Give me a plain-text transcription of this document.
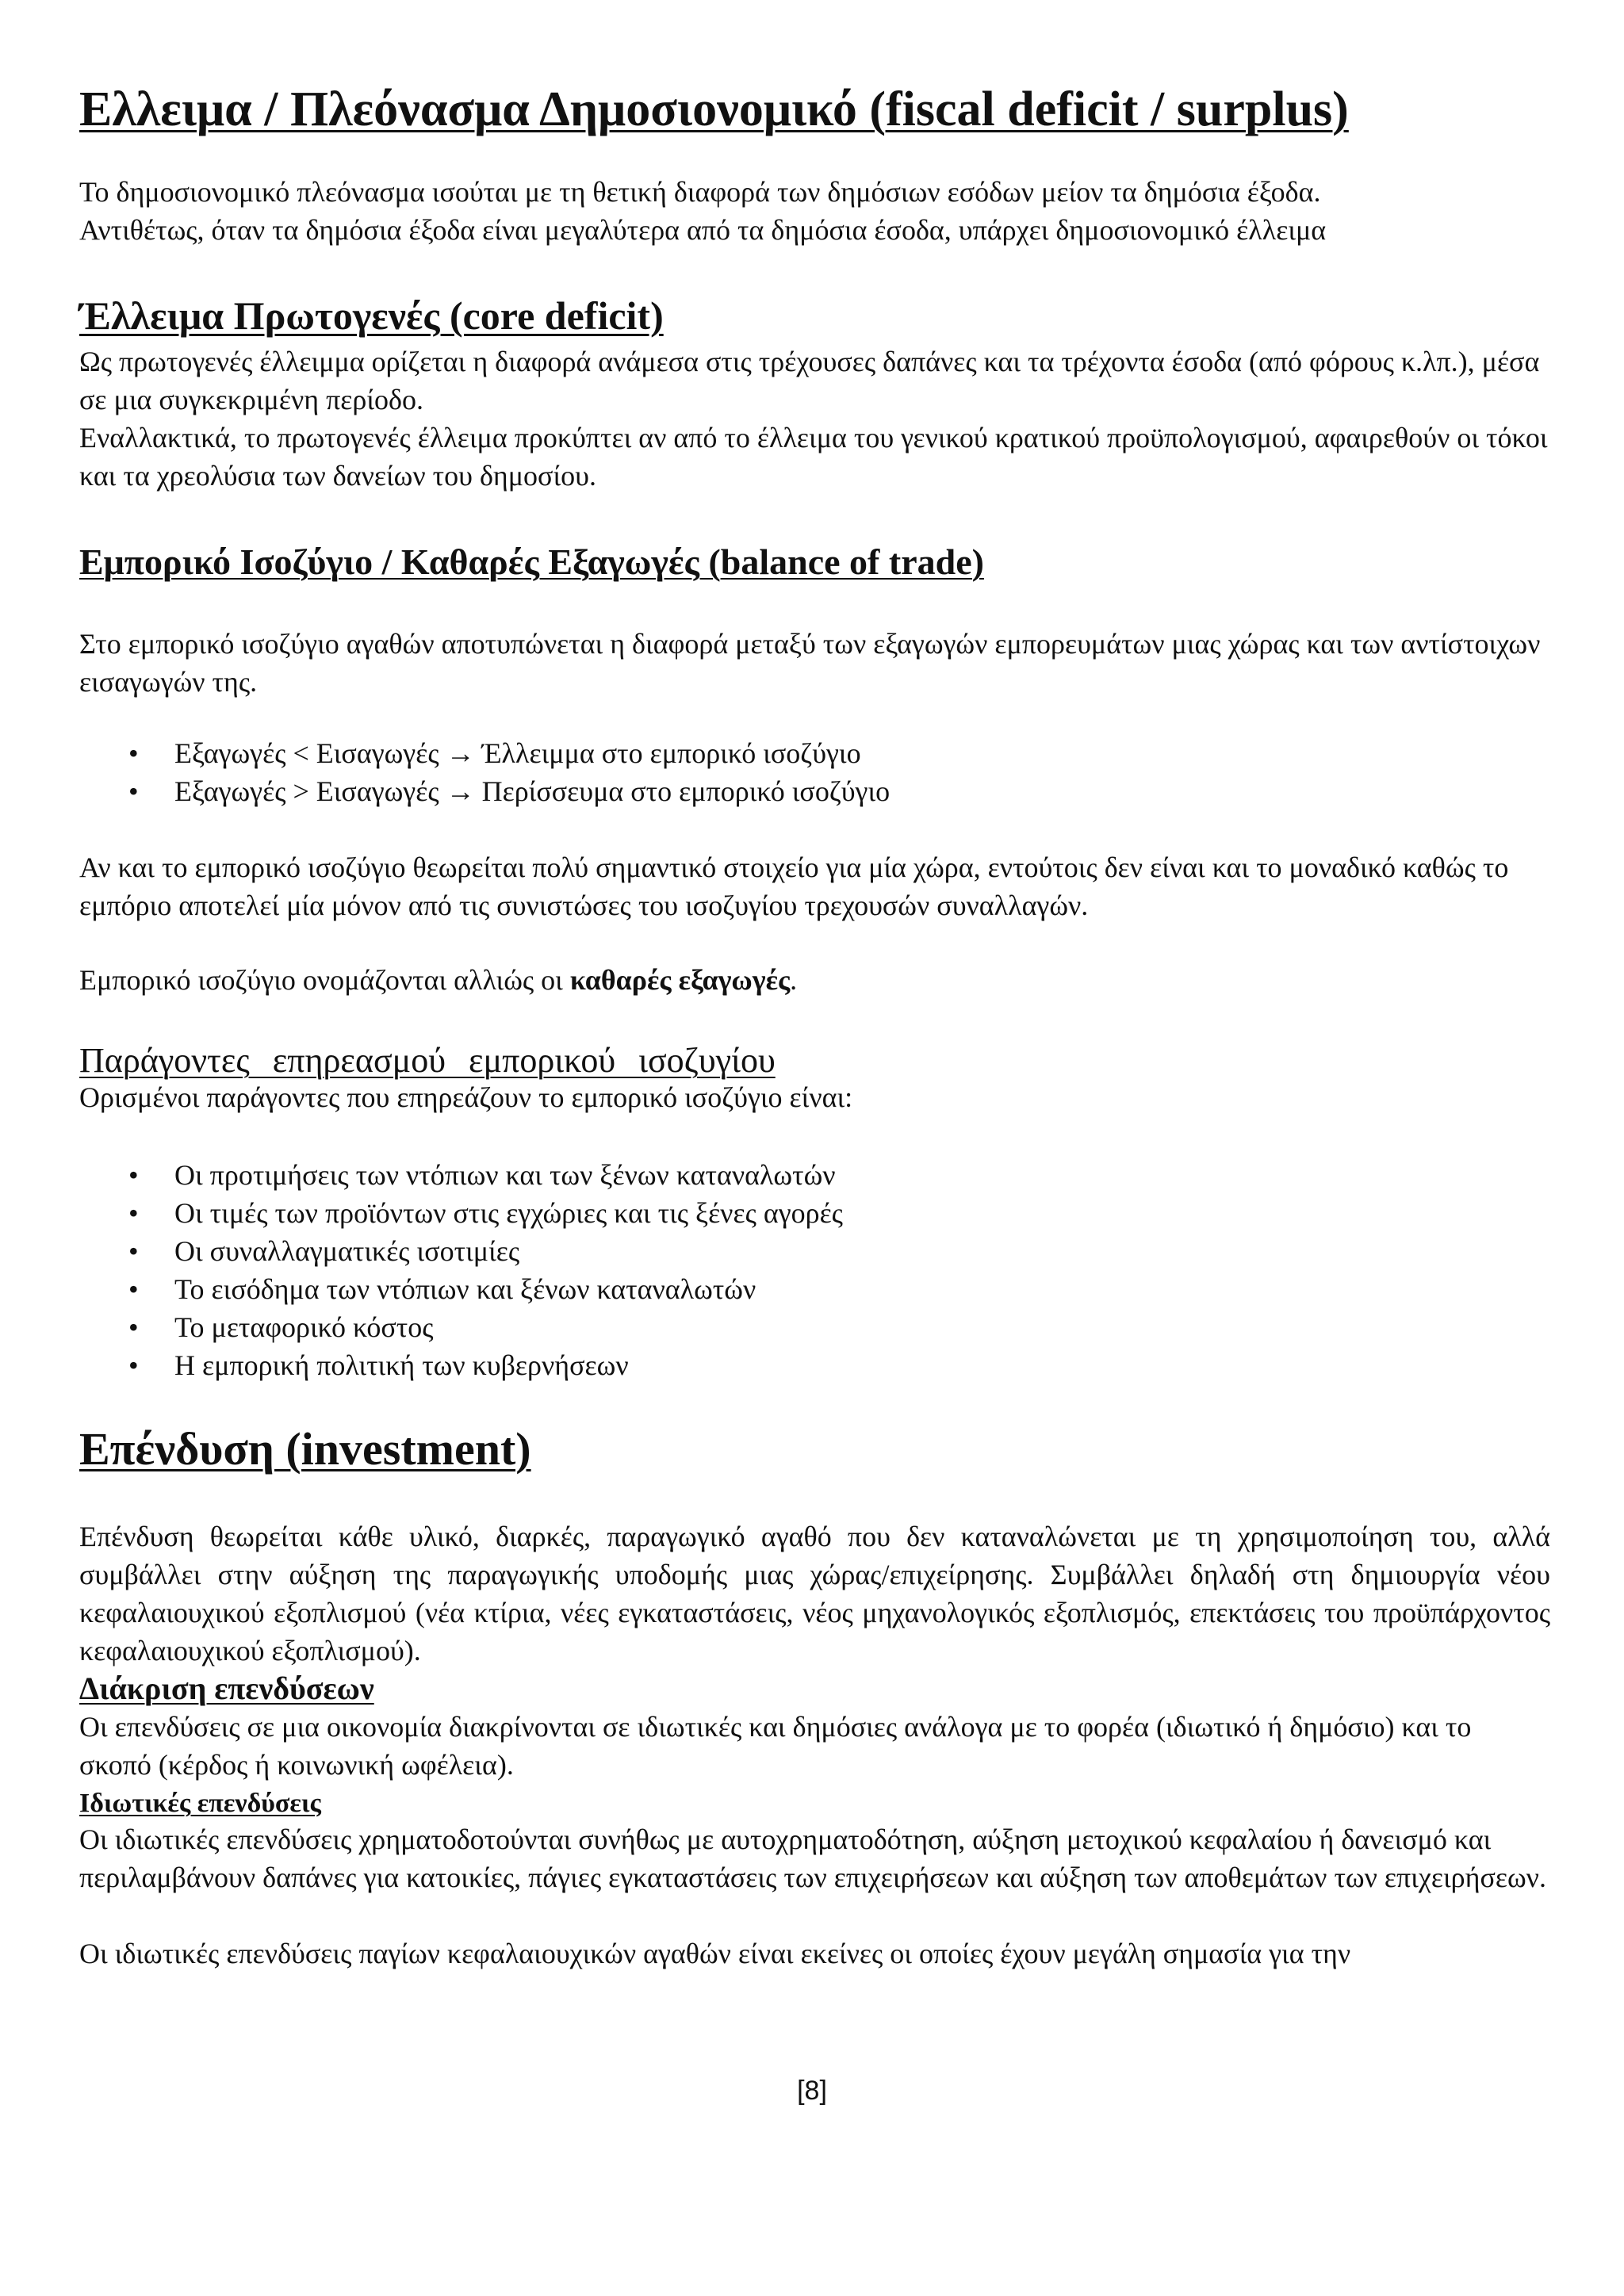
Ελλειμα / Πλεόνασμα Δημοσιονομικό (fiscal deficit / surplus)

Το δημοσιονομικό πλεόνασμα ισούται με τη θετική διαφορά των δημόσιων εσόδων μείον τα δημόσια έξοδα.

Αντιθέτως, όταν τα δημόσια έξοδα είναι μεγαλύτερα από τα δημόσια έσοδα, υπάρχει δημοσιονομικό έλλειμα

Έλλειμα Πρωτογενές (core deficit)

Ως πρωτογενές έλλειμμα ορίζεται η διαφορά ανάμεσα στις τρέχουσες δαπάνες και τα τρέχοντα έσοδα (από φόρους κ.λπ.), μέσα σε μια συγκεκριμένη περίοδο.

Εναλλακτικά, το πρωτογενές έλλειμα προκύπτει αν από το έλλειμα του γενικού κρατικού προϋπολογισμού, αφαιρεθούν οι τόκοι και τα χρεολύσια των δανείων του δημοσίου.

Εμπορικό Ισοζύγιο / Καθαρές Εξαγωγές (balance of trade)

Στο εμπορικό ισοζύγιο αγαθών αποτυπώνεται η διαφορά μεταξύ των εξαγωγών εμπορευμάτων μιας χώρας και των αντίστοιχων εισαγωγών της.

• Εξαγωγές < Εισαγωγές → Έλλειμμα στο εμπορικό ισοζύγιο
• Εξαγωγές > Εισαγωγές → Περίσσευμα στο εμπορικό ισοζύγιο

Αν και το εμπορικό ισοζύγιο θεωρείται πολύ σημαντικό στοιχείο για μία χώρα, εντούτοις δεν είναι και το μοναδικό καθώς το εμπόριο αποτελεί μία μόνον από τις συνιστώσες του ισοζυγίου τρεχουσών συναλλαγών.

Εμπορικό ισοζύγιο ονομάζονται αλλιώς οι καθαρές εξαγωγές.

Παράγοντες επηρεασμού εμπορικού ισοζυγίου

Ορισμένοι παράγοντες που επηρεάζουν το εμπορικό ισοζύγιο είναι:

• Οι προτιμήσεις των ντόπιων και των ξένων καταναλωτών
• Οι τιμές των προϊόντων στις εγχώριες και τις ξένες αγορές
• Οι συναλλαγματικές ισοτιμίες
• Το εισόδημα των ντόπιων και ξένων καταναλωτών
• Το μεταφορικό κόστος
• Η εμπορική πολιτική των κυβερνήσεων
Επένδυση (investment)

Επένδυση θεωρείται κάθε υλικό, διαρκές, παραγωγικό αγαθό που δεν καταναλώνεται με τη χρησιμοποίηση του, αλλά συμβάλλει στην αύξηση της παραγωγικής υποδομής μιας χώρας/επιχείρησης. Συμβάλλει δηλαδή στη δημιουργία νέου κεφαλαιουχικού εξοπλισμού (νέα κτίρια, νέες εγκαταστάσεις, νέος μηχανολογικός εξοπλισμός, επεκτάσεις του προϋπάρχοντος κεφαλαιουχικού εξοπλισμού).

Διάκριση επενδύσεων

Οι επενδύσεις σε μια οικονομία διακρίνονται σε ιδιωτικές και δημόσιες ανάλογα με το φορέα (ιδιωτικό ή δημόσιο) και το σκοπό (κέρδος ή κοινωνική ωφέλεια).

Ιδιωτικές επενδύσεις

Οι ιδιωτικές επενδύσεις χρηματοδοτούνται συνήθως με αυτοχρηματοδότηση, αύξηση μετοχικού κεφαλαίου ή δανεισμό και περιλαμβάνουν δαπάνες για κατοικίες, πάγιες εγκαταστάσεις των επιχειρήσεων και αύξηση των αποθεμάτων των επιχειρήσεων.

Οι ιδιωτικές επενδύσεις παγίων κεφαλαιουχικών αγαθών είναι εκείνες οι οποίες έχουν μεγάλη σημασία για την

[8]
